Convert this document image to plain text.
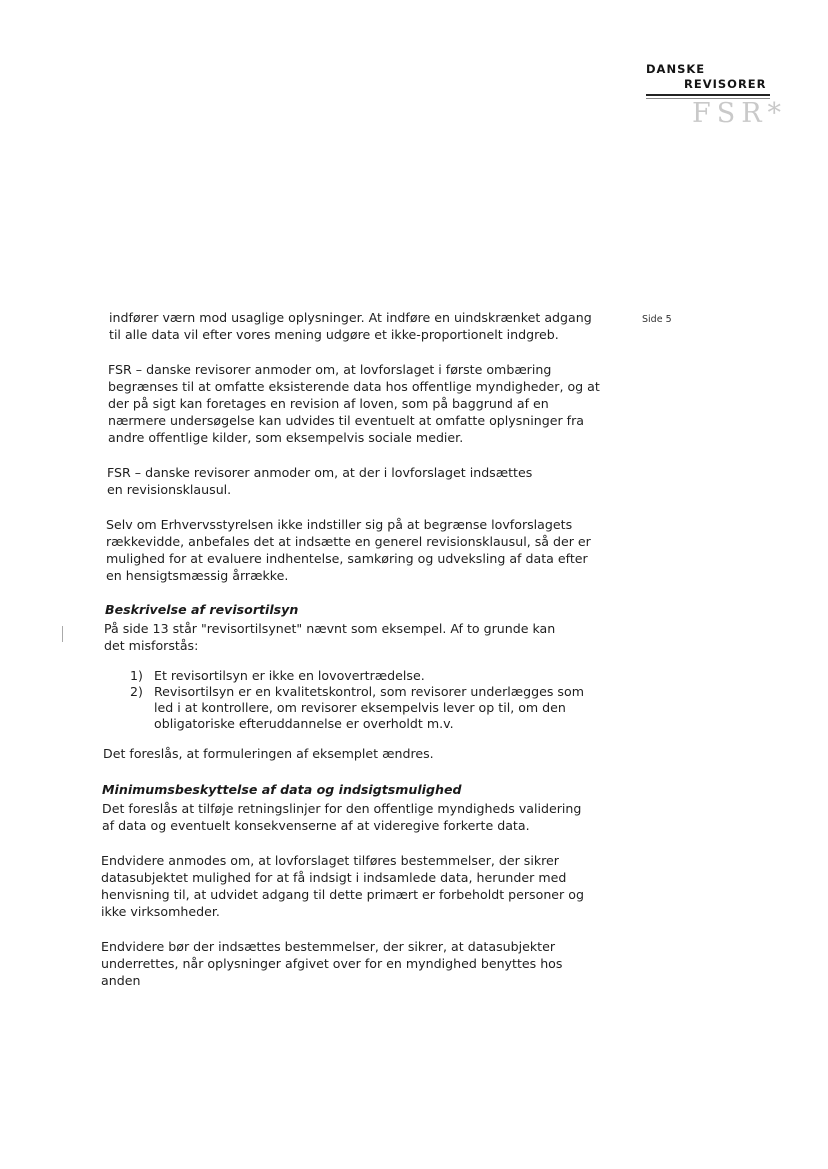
DANSKE
REVISORER
FSR*
Side 5

indfører værn mod usaglige oplysninger. At indføre en uindskrænket adgang til alle data vil efter vores mening udgøre et ikke-proportionelt indgreb.

FSR – danske revisorer anmoder om, at lovforslaget i første ombæring begrænses til at omfatte eksisterende data hos offentlige myndigheder, og at der på sigt kan foretages en revision af loven, som på baggrund af en nærmere undersøgelse kan udvides til eventuelt at omfatte oplysninger fra andre offentlige kilder, som eksempelvis sociale medier.

FSR – danske revisorer anmoder om, at der i lovforslaget indsættes en revisionsklausul.

Selv om Erhvervsstyrelsen ikke indstiller sig på at begrænse lovforslagets rækkevidde, anbefales det at indsætte en generel revisionsklausul, så der er mulighed for at evaluere indhentelse, samkøring og udveksling af data efter en hensigtsmæssig årrække.

Beskrivelse af revisortilsyn

På side 13 står "revisortilsynet" nævnt som eksempel. Af to grunde kan det misforstås:

1) Et revisortilsyn er ikke en lovovertrædelse.
2) Revisortilsyn er en kvalitetskontrol, som revisorer underlægges som led i at kontrollere, om revisorer eksempelvis lever op til, om den obligatoriske efteruddannelse er overholdt m.v.

Det foreslås, at formuleringen af eksemplet ændres.

Minimumsbeskyttelse af data og indsigtsmulighed

Det foreslås at tilføje retningslinjer for den offentlige myndigheds validering af data og eventuelt konsekvenserne af at videregive forkerte data.

Endvidere anmodes om, at lovforslaget tilføres bestemmelser, der sikrer datasubjektet mulighed for at få indsigt i indsamlede data, herunder med henvisning til, at udvidet adgang til dette primært er forbeholdt personer og ikke virksomheder.

Endvidere bør der indsættes bestemmelser, der sikrer, at datasubjekter underrettes, når oplysninger afgivet over for en myndighed benyttes hos anden
